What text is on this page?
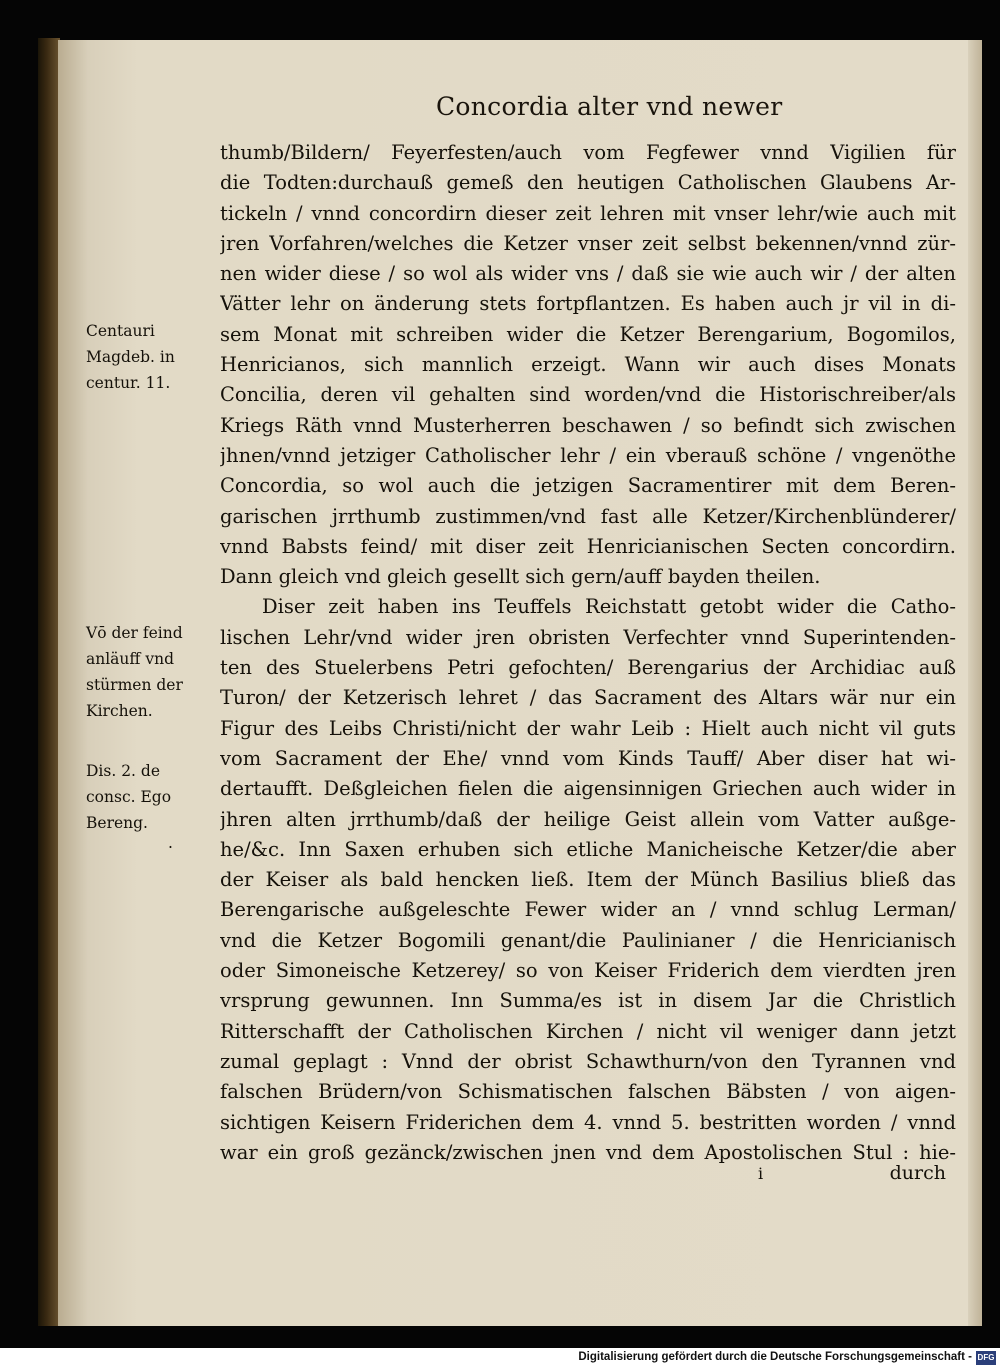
Concordia alter vnd newer
Centauri
Magdeb. in
centur. 11.
Vō der feind
anläuff vnd
stürmen der
Kirchen.
Dis. 2. de
consc. Ego
Bereng.
.
thumb/Bildern/ Feyerfesten/auch vom Fegfewer vnnd Vigilien für
die Todten:durchauß gemeß den heutigen Catholischen Glaubens Ar-
tickeln / vnnd concordirn dieser zeit lehren mit vnser lehr/wie auch mit
jren Vorfahren/welches die Ketzer vnser zeit selbst bekennen/vnnd zür-
nen wider diese / so wol als wider vns / daß sie wie auch wir / der alten
Vätter lehr on änderung stets fortpflantzen. Es haben auch jr vil in di-
sem Monat mit schreiben wider die Ketzer Berengarium, Bogomilos,
Henricianos, sich mannlich erzeigt. Wann wir auch dises Monats
Concilia, deren vil gehalten sind worden/vnd die Historischreiber/als
Kriegs Räth vnnd Musterherren beschawen / so befindt sich zwischen
jhnen/vnnd jetziger Catholischer lehr / ein vberauß schöne / vngenöthe
Concordia, so wol auch die jetzigen Sacramentirer mit dem Beren-
garischen jrrthumb zustimmen/vnd fast alle Ketzer/Kirchenblünderer/
vnnd Babsts feind/ mit diser zeit Henricianischen Secten concordirn.
Dann gleich vnd gleich gesellt sich gern/auff bayden theilen.
Diser zeit haben ins Teuffels Reichstatt getobt wider die Catho-
lischen Lehr/vnd wider jren obristen Verfechter vnnd Superintenden-
ten des Stuelerbens Petri gefochten/ Berengarius der Archidiac auß
Turon/ der Ketzerisch lehret / das Sacrament des Altars wär nur ein
Figur des Leibs Christi/nicht der wahr Leib : Hielt auch nicht vil guts
vom Sacrament der Ehe/ vnnd vom Kinds Tauff/ Aber diser hat wi-
dertaufft. Deßgleichen fielen die aigensinnigen Griechen auch wider in
jhren alten jrrthumb/daß der heilige Geist allein vom Vatter außge-
he/&c. Inn Saxen erhuben sich etliche Manicheische Ketzer/die aber
der Keiser als bald hencken ließ. Item der Münch Basilius bließ das
Berengarische außgeleschte Fewer wider an / vnnd schlug Lerman/
vnd die Ketzer Bogomili genant/die Paulinianer / die Henricianisch
oder Simoneische Ketzerey/ so von Keiser Friderich dem vierdten jren
vrsprung gewunnen. Inn Summa/es ist in disem Jar die Christlich
Ritterschafft der Catholischen Kirchen / nicht vil weniger dann jetzt
zumal geplagt : Vnnd der obrist Schawthurn/von den Tyrannen vnd
falschen Brüdern/von Schismatischen falschen Bäbsten / von aigen-
sichtigen Keisern Friderichen dem 4. vnnd 5. bestritten worden / vnnd
war ein groß gezänck/zwischen jnen vnd dem Apostolischen Stul : hie-
i	durch
Digitalisierung gefördert durch die Deutsche Forschungsgemeinschaft - DFG
